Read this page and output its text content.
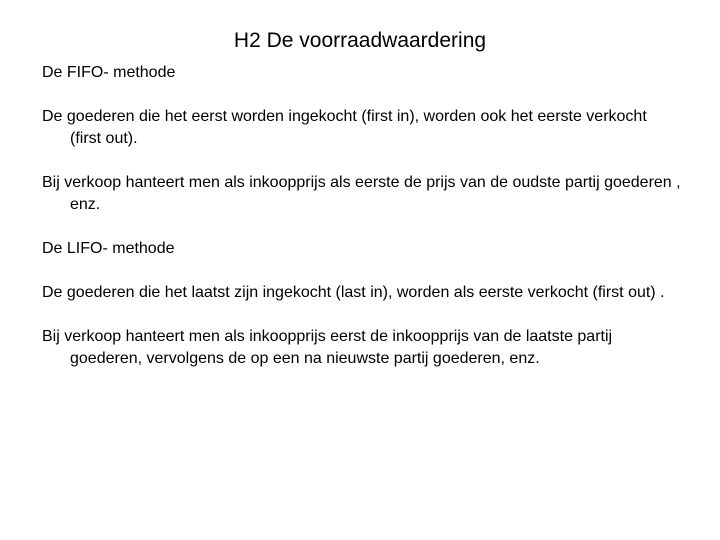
H2 De voorraadwaardering
De FIFO- methode
De goederen die het eerst worden ingekocht (first in), worden ook het eerste verkocht (first out).
Bij verkoop hanteert men als inkoopprijs als eerste de prijs van de oudste partij goederen , enz.
De LIFO- methode
De goederen die het laatst zijn ingekocht (last in), worden als eerste verkocht (first out) .
Bij verkoop hanteert men als inkoopprijs eerst de inkoopprijs van de laatste partij goederen, vervolgens de op een na nieuwste partij goederen, enz.
